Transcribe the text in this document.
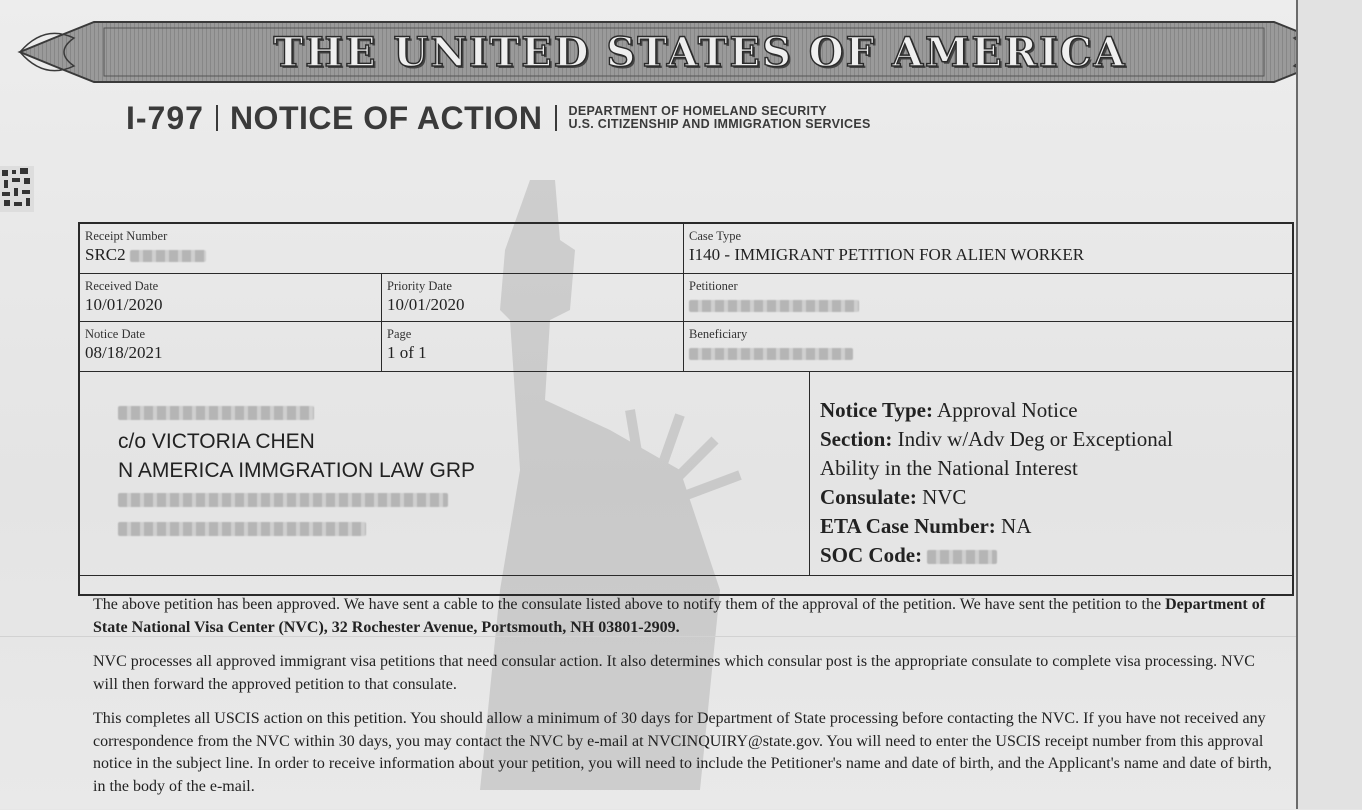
THE UNITED STATES OF AMERICA
I-797 NOTICE OF ACTION DEPARTMENT OF HOMELAND SECURITY
U.S. CITIZENSHIP AND IMMIGRATION SERVICES
Receipt Number
SRC2
Case Type
I140 - IMMIGRANT PETITION FOR ALIEN WORKER
Received Date
10/01/2020
Priority Date
10/01/2020
Petitioner
Notice Date
08/18/2021
Page
1 of 1
Beneficiary
c/o VICTORIA CHEN
N AMERICA IMMGRATION LAW GRP
Notice Type: Approval Notice
Section: Indiv w/Adv Deg or Exceptional
Ability in the National Interest
Consulate: NVC
ETA Case Number: NA
SOC Code:

The above petition has been approved. We have sent a cable to the consulate listed above to notify them of the approval of the petition. We have sent the petition to the Department of State National Visa Center (NVC), 32 Rochester Avenue, Portsmouth, NH 03801-2909.

NVC processes all approved immigrant visa petitions that need consular action. It also determines which consular post is the appropriate consulate to complete visa processing. NVC will then forward the approved petition to that consulate.

This completes all USCIS action on this petition. You should allow a minimum of 30 days for Department of State processing before contacting the NVC. If you have not received any correspondence from the NVC within 30 days, you may contact the NVC by e-mail at NVCINQUIRY@state.gov. You will need to enter the USCIS receipt number from this approval notice in the subject line. In order to receive information about your petition, you will need to include the Petitioner's name and date of birth, and the Applicant's name and date of birth, in the body of the e-mail.
